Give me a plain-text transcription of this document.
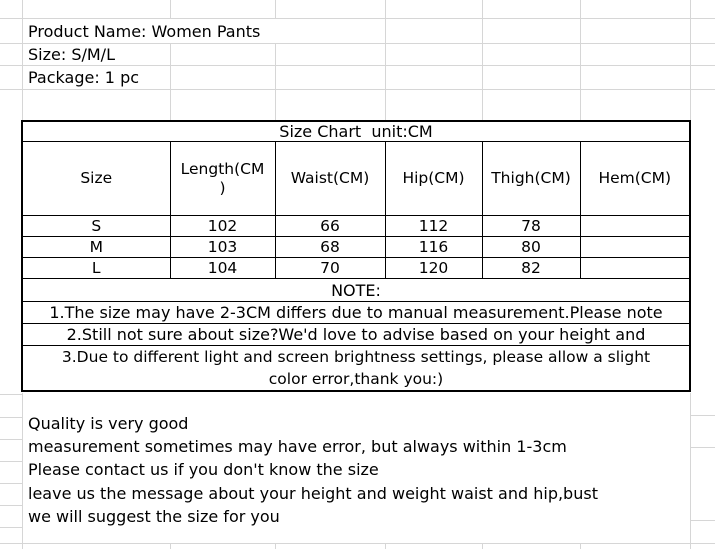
Product Name: Women Pants
Size: S/M/L
Package: 1 pc
Size Chart  unit:CM					
Size	Length(CM )	Waist(CM)	Hip(CM)	Thigh(CM)	Hem(CM)
S	102	66	112	78	
M	103	68	116	80	
L	104	70	120	82	
NOTE:					
1.The size may have 2-3CM differs due to manual measurement.Please note					
2.Still not sure about size?We'd love to advise based on your height and					
3.Due to different light and screen brightness settings, please allow a slight color error,thank you:)					
Quality is very good
measurement sometimes may have error, but always within 1-3cm
Please contact us if you don't know the size
leave us the message about your height and weight waist and hip,bust
we will suggest the size for you
